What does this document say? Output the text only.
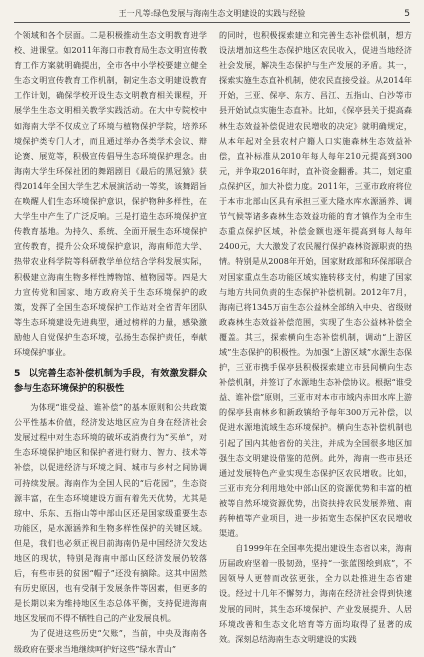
王一凡等:绿色发展与海南生态文明建设的实践与经验	5

个领域和各个层面。二是积极推动生态文明教育进学校、进课堂。如2011年海口市教育局生态文明宣传教育工作方案就明确提出，全市各中小学校要建立健全生态文明宣传教育工作机制，制定生态文明建设教育工作计划，确保学校开设生态文明教育相关课程，开展学生生态文明相关教学实践活动。在大中专院校中如海南大学不仅成立了环境与植物保护学院，培养环境保护类专门人才，而且通过举办各类学术会议、辩论赛、展览等，积极宣传倡导生态环境保护理念。由海南大学生环保社团的舞蹈剧目《最后的黑冠猿》获得2014年全国大学生艺术展演活动一等奖，该舞蹈旨在唤醒人们生态环境保护意识，保护物种多样性，在大学生中产生了广泛反响。三是打造生态环境保护宣传教育基地。为持久、系统、全面开展生态环境保护宣传教育，提升公众环境保护意识，海南师范大学、热带农业科学院等科研教学单位结合学科发展实际，积极建立海南生物多样性博物馆、植物园等。四是大力宣传党和国家、地方政府关于生态环境保护的政策，发挥了全国生态环境保护工作站对全省青年团队等生态环境建设先进典型，通过榜样的力量，感染激励他人自觉保护生态环境，弘扬生态保护责任，奉献环境保护事业。

5 以完善生态补偿机制为手段，有效激发群众参与生态环境保护的积极性

为体现“谁受益、谁补偿”的基本原则和公共政策公平性基本价值，经济发达地区应为自身在经济社会发展过程中对生态环境的破坏或消费行为“买单”，对生态环境保护地区和保护者进行财力、智力、技术等补偿，以促进经济与环境之间、城市与乡村之间协调可持续发展。海南作为全国人民的“后花园”，生态资源丰富，在生态环境建设方面有着先天优势，尤其是琼中、乐东、五指山等中部山区还是国家级重要生态功能区，是水源涵养和生物多样性保护的关键区域。但是，我们也必须正视目前海南仍是中国经济欠发达地区的现状，特别是海南中部山区经济发展仍较落后，有些市县的贫困“帽子”还没有摘除。这其中固然有历史原因，也有受制于发展条件等因素，但更多的是长期以来为维持地区生态总体平衡，支持促进海南地区发展而不得不牺牲自己的产业发展良机。

为了促进这些历史“欠账”，当前，中央及海南各级政府在要求当地继续呵护好这些“绿水青山”

的同时，也积极探索建立和完善生态补偿机制，想方设法增加这些生态保护地区农民收入，促进当地经济社会发展，解决生态保护与生产发展的矛盾。其一，探索实施生态直补机制，使农民直接受益。从2014年开始，三亚、保亭、东方、昌江、五指山、白沙等市县开始试点实施生态直补。比如，《保亭县关于提高森林生态效益补偿促进农民增收的决定》就明确规定，从本年起对全县农村户籍人口实施森林生态效益补偿，直补标准从2010年每人每年210元提高到300元，并争取2016年时，直补资金翻番。其二，划定重点保护区，加大补偿力度。2011年，三亚市政府将位于本市北部山区具有承担三亚大隆水库水源涵养、调节气候等诸多森林生态效益功能的育才镇作为全市生态重点保护区域，补偿金额也逐年提高到每人每年2400元，大大激发了农民履行保护森林资源职责的热情。特别是从2008年开始，国家财政部和环保部联合对国家重点生态功能区域实施转移支付，构建了国家与地方共同负责的生态保护补偿机制。2012年7月，海南已将1345万亩生态公益林全部纳入中央、省级财政森林生态效益补偿范围，实现了生态公益林补偿全覆盖。其三，探索横向生态补偿机制，调动“上游区域”生态保护的积极性。为加强“上游区域”水源生态保护，三亚市携手保亭县积极探索建立市县间横向生态补偿机制，并签订了水源地生态补偿协议。根据“谁受益、谁补偿”原则，三亚市对本市市域内赤田水库上游的保亭县南林乡和新政镇给予每年300万元补偿，以促进水源地流域生态环境保护。横向生态补偿机制也引起了国内其他省份的关注，并成为全国很多地区加强生态文明建设借鉴的范例。此外，海南一些市县还通过发展特色产业实现生态保护区农民增收。比如，三亚市充分利用地处中部山区的资源优势和丰富的植被等自然环境资源优势，出资扶持农民发展养殖、南药种植等产业项目，进一步拓宽生态保护区农民增收渠道。

自1999年在全国率先提出建设生态省以来，海南历届政府坚着一股韧劲，坚持“一张蓝图绘到底”，不因领导人更替而改弦更张，全力以赴推进生态省建设。经过十几年不懈努力，海南在经济社会得到快速发展的同时，其生态环境保护、产业发展提升、人居环境改善和生态文化培育等方面均取得了显著的成效。深刻总结海南生态文明建设的实践
